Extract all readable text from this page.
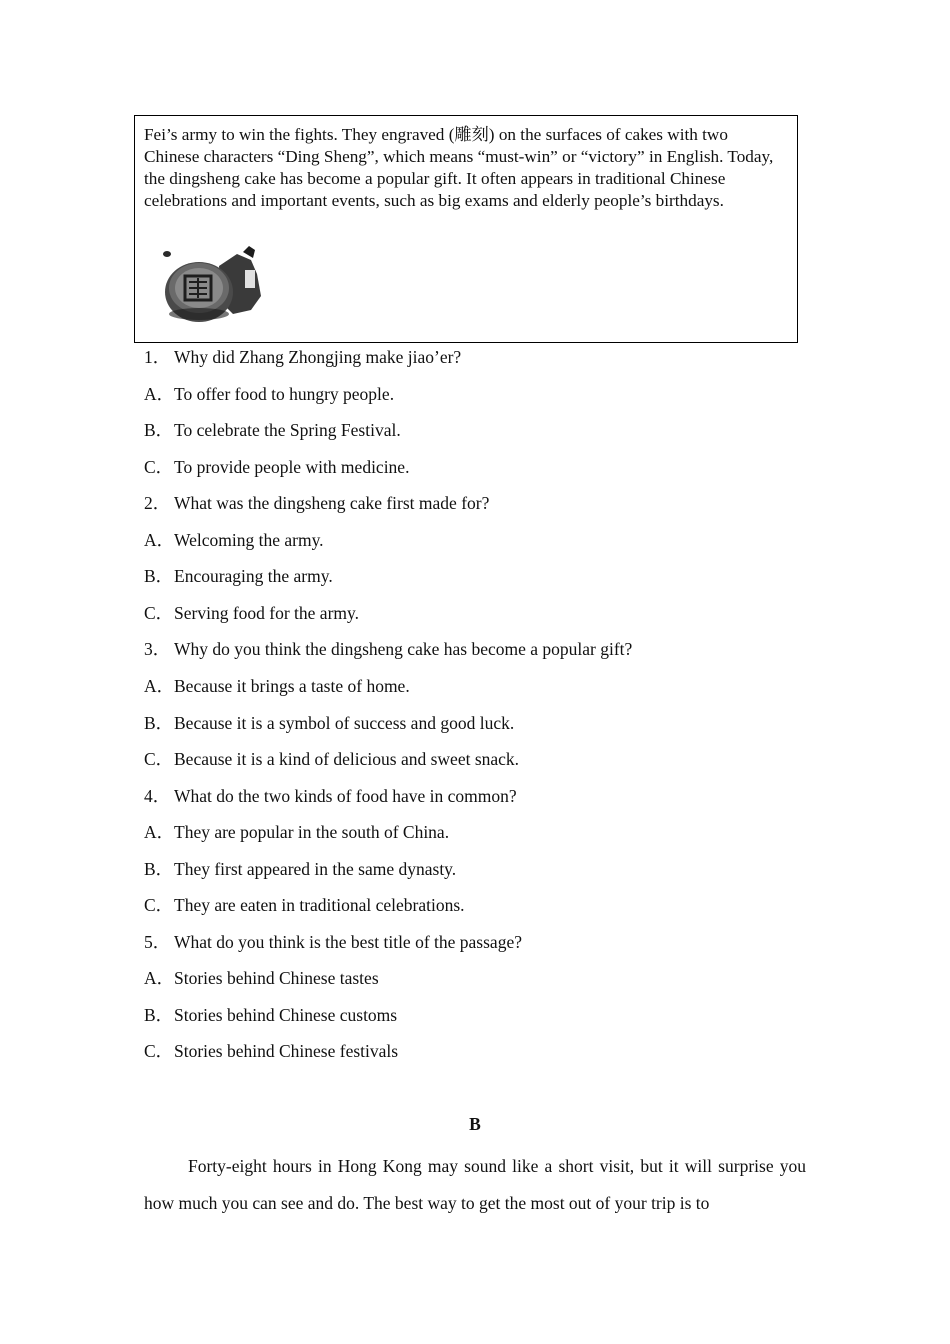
Fei’s army to win the fights. They engraved (雕刻) on the surfaces of cakes with two Chinese characters “Ding Sheng”, which means “must-win” or “victory” in English. Today, the dingsheng cake has become a popular gift. It often appears in traditional Chinese celebrations and important events, such as big exams and elderly people’s birthdays.

1． Why did Zhang Zhongjing make jiao’er?

A．To offer food to hungry people.

B．To celebrate the Spring Festival.

C．To provide people with medicine.

2． What was the dingsheng cake first made for?

A．Welcoming the army.

B．Encouraging the army.

C．Serving food for the army.

3． Why do you think the dingsheng cake has become a popular gift?

A．Because it brings a taste of home.

B．Because it is a symbol of success and good luck.

C．Because it is a kind of delicious and sweet snack.

4． What do the two kinds of food have in common?

A．They are popular in the south of China.

B．They first appeared in the same dynasty.

C．They are eaten in traditional celebrations.

5． What do you think is the best title of the passage?

A．Stories behind Chinese tastes

B．Stories behind Chinese customs

C．Stories behind Chinese festivals

B

Forty-eight hours in Hong Kong may sound like a short visit, but it will surprise you how much you can see and do. The best way to get the most out of your trip is to
